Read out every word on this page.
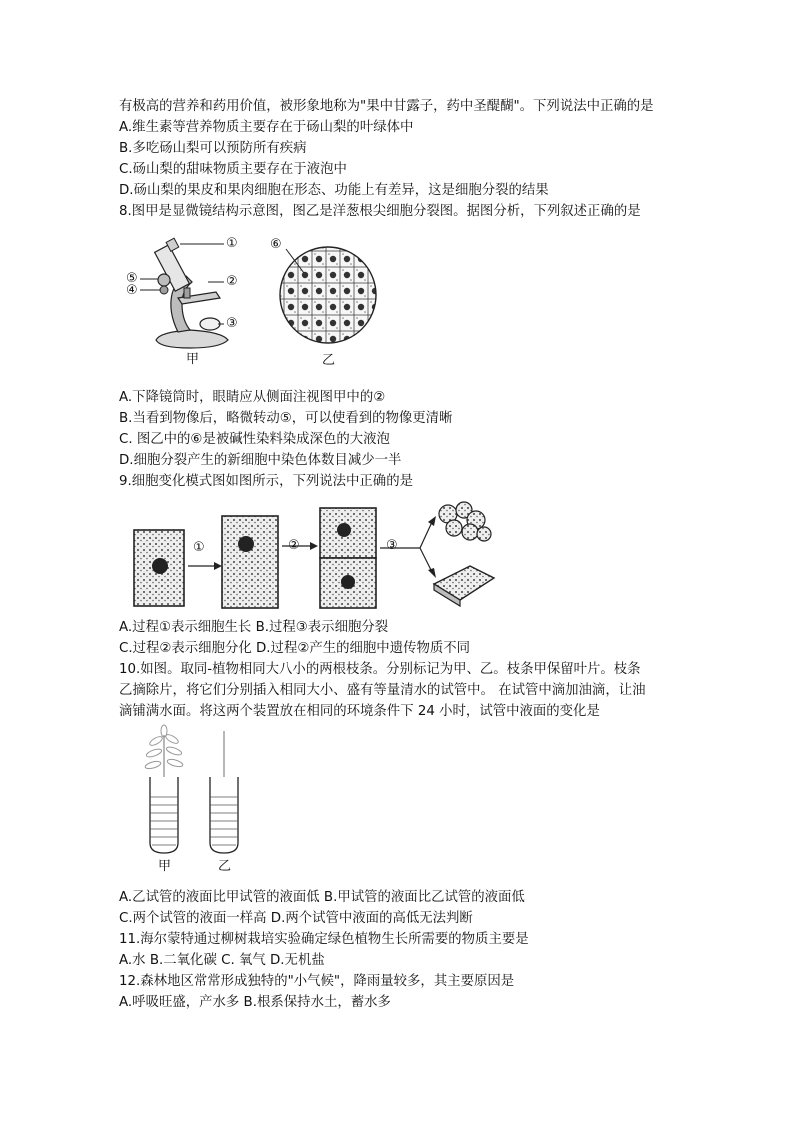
有极高的营养和药用价值，被形象地称为"果中甘露子，药中圣醍醐"。下列说法中正确的是
A.维生素等营养物质主要存在于砀山梨的叶绿体中
B.多吃砀山梨可以预防所有疾病
C.砀山梨的甜味物质主要存在于液泡中
D.砀山梨的果皮和果肉细胞在形态、功能上有差异，这是细胞分裂的结果
8.图甲是显微镜结构示意图，图乙是洋葱根尖细胞分裂图。据图分析，下列叙述正确的是
①
②
③
④
⑤
甲
⑥
乙
A.下降镜筒时，眼睛应从侧面注视图甲中的②
B.当看到物像后，略微转动⑤，可以使看到的物像更清晰
C. 图乙中的⑥是被碱性染料染成深色的大液泡
D.细胞分裂产生的新细胞中染色体数目减少一半
9.细胞变化模式图如图所示，下列说法中正确的是
①	②	③
A.过程①表示细胞生长 B.过程③表示细胞分裂
C.过程②表示细胞分化 D.过程②产生的细胞中遗传物质不同
10.如图。取同-植物相同大八小的两根枝条。分别标记为甲、乙。枝条甲保留叶片。枝条
乙摘除片，将它们分别插入相同大小、盛有等量清水的试管中。 在试管中滴加油滴，让油
滴铺满水面。将这两个装置放在相同的环境条件下 24 小时，试管中液面的变化是
甲	乙
A.乙试管的液面比甲试管的液面低 B.甲试管的液面比乙试管的液面低
C.两个试管的液面一样高 D.两个试管中液面的高低无法判断
11.海尔蒙特通过柳树栽培实验确定绿色植物生长所需要的物质主要是
A.水 B.二氧化碳 C. 氧气 D.无机盐
12.森林地区常常形成独特的"小气候"，降雨量较多，其主要原因是
A.呼吸旺盛，产水多 B.根系保持水土，蓄水多
